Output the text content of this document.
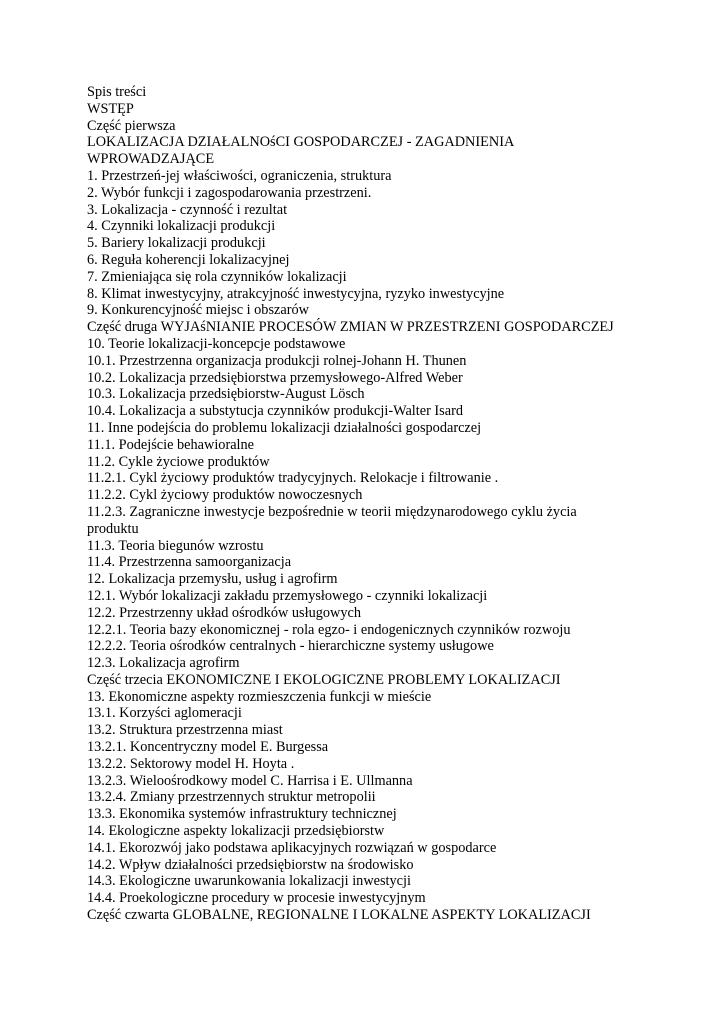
Spis treści
WSTĘP
Część pierwsza
LOKALIZACJA DZIAŁALNOśCI GOSPODARCZEJ - ZAGADNIENIA
WPROWADZAJĄCE
1. Przestrzeń-jej właściwości, ograniczenia, struktura
2. Wybór funkcji i zagospodarowania przestrzeni.
3. Lokalizacja - czynność i rezultat
4. Czynniki lokalizacji produkcji
5. Bariery lokalizacji produkcji
6. Reguła koherencji lokalizacyjnej
7. Zmieniająca się rola czynników lokalizacji
8. Klimat inwestycyjny, atrakcyjność inwestycyjna, ryzyko inwestycyjne
9. Konkurencyjność miejsc i obszarów
Część druga WYJAśNIANIE PROCESÓW ZMIAN W PRZESTRZENI GOSPODARCZEJ
10. Teorie lokalizacji-koncepcje podstawowe
10.1. Przestrzenna organizacja produkcji rolnej-Johann H. Thunen
10.2. Lokalizacja przedsiębiorstwa przemysłowego-Alfred Weber
10.3. Lokalizacja przedsiębiorstw-August Lösch
10.4. Lokalizacja a substytucja czynników produkcji-Walter Isard
11. Inne podejścia do problemu lokalizacji działalności gospodarczej
11.1. Podejście behawioralne
11.2. Cykle życiowe produktów
11.2.1. Cykl życiowy produktów tradycyjnych. Relokacje i filtrowanie .
11.2.2. Cykl życiowy produktów nowoczesnych
11.2.3. Zagraniczne inwestycje bezpośrednie w teorii międzynarodowego cyklu życia
produktu
11.3. Teoria biegunów wzrostu
11.4. Przestrzenna samoorganizacja
12. Lokalizacja przemysłu, usług i agrofirm
12.1. Wybór lokalizacji zakładu przemysłowego - czynniki lokalizacji
12.2. Przestrzenny układ ośrodków usługowych
12.2.1. Teoria bazy ekonomicznej - rola egzo- i endogenicznych czynników rozwoju
12.2.2. Teoria ośrodków centralnych - hierarchiczne systemy usługowe
12.3. Lokalizacja agrofirm
Część trzecia EKONOMICZNE I EKOLOGICZNE PROBLEMY LOKALIZACJI
13. Ekonomiczne aspekty rozmieszczenia funkcji w mieście
13.1. Korzyści aglomeracji
13.2. Struktura przestrzenna miast
13.2.1. Koncentryczny model E. Burgessa
13.2.2. Sektorowy model H. Hoyta .
13.2.3. Wieloośrodkowy model C. Harrisa i E. Ullmanna
13.2.4. Zmiany przestrzennych struktur metropolii
13.3. Ekonomika systemów infrastruktury technicznej
14. Ekologiczne aspekty lokalizacji przedsiębiorstw
14.1. Ekorozwój jako podstawa aplikacyjnych rozwiązań w gospodarce
14.2. Wpływ działalności przedsiębiorstw na środowisko
14.3. Ekologiczne uwarunkowania lokalizacji inwestycji
14.4. Proekologiczne procedury w procesie inwestycyjnym
Część czwarta GLOBALNE, REGIONALNE I LOKALNE ASPEKTY LOKALIZACJI
